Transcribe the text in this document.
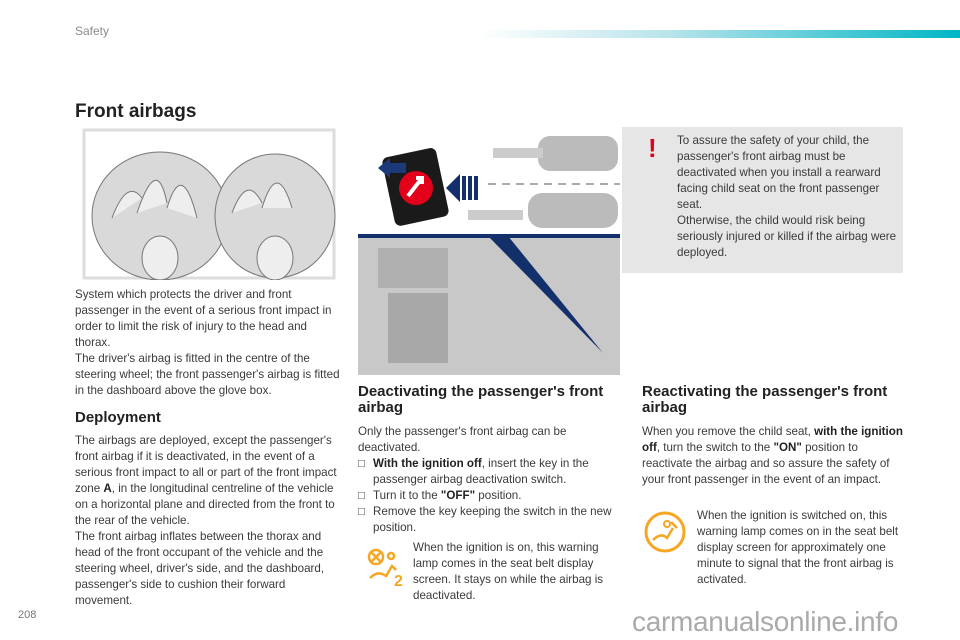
Safety
Front airbags

System which protects the driver and front passenger in the event of a serious front impact in order to limit the risk of injury to the head and thorax.

The driver's airbag is fitted in the centre of the steering wheel; the front passenger's airbag is fitted in the dashboard above the glove box.

Deployment

The airbags are deployed, except the passenger's front airbag if it is deactivated, in the event of a serious front impact to all or part of the front impact zone A, in the longitudinal centreline of the vehicle on a horizontal plane and directed from the front to the rear of the vehicle.

The front airbag inflates between the thorax and head of the front occupant of the vehicle and the steering wheel, driver's side, and the dashboard, passenger's side to cushion their forward movement.

Deactivating the passenger's front airbag

Only the passenger's front airbag can be deactivated.

□ With the ignition off, insert the key in the passenger airbag deactivation switch.

□ Turn it to the "OFF" position.

□ Remove the key keeping the switch in the new position.

2

When the ignition is on, this warning lamp comes in the seat belt display screen. It stays on while the airbag is deactivated.

! To assure the safety of your child, the passenger's front airbag must be deactivated when you install a rearward facing child seat on the front passenger seat.

Otherwise, the child would risk being seriously injured or killed if the airbag were deployed.

Reactivating the passenger's front airbag

When you remove the child seat, with the ignition off, turn the switch to the "ON" position to reactivate the airbag and so assure the safety of your front passenger in the event of an impact.

When the ignition is switched on, this warning lamp comes on in the seat belt display screen for approximately one minute to signal that the front airbag is activated.

208	carmanualsonline.info
